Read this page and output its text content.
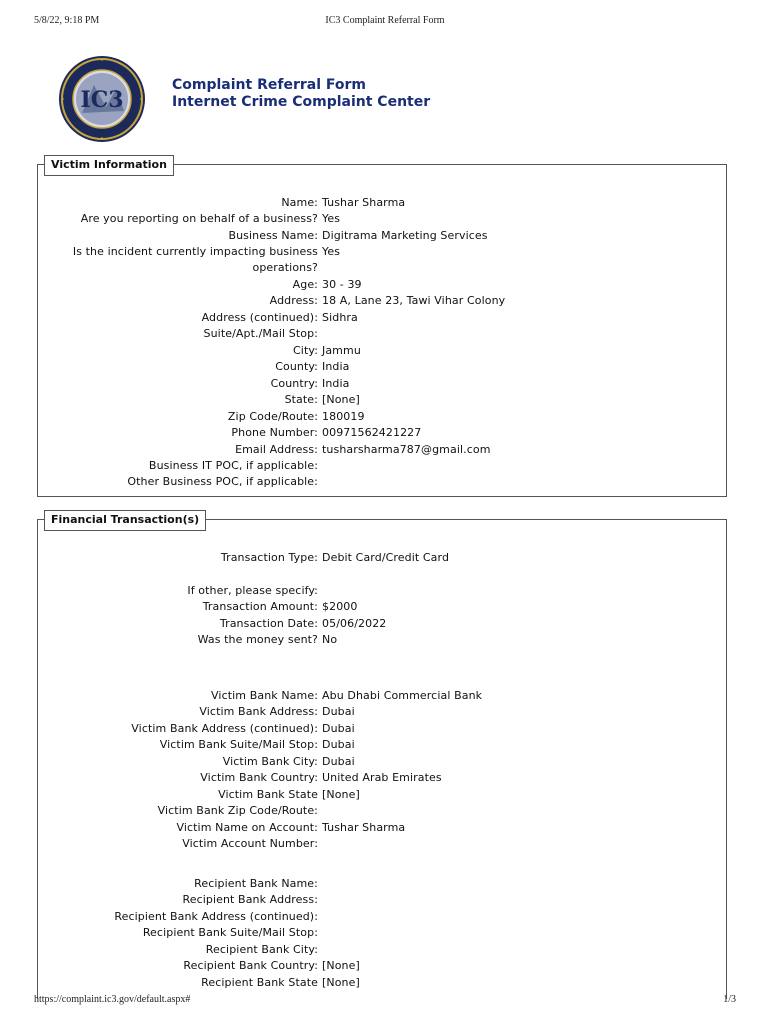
5/8/22, 9:18 PM	IC3 Complaint Referral Form
IC3
Complaint Referral Form
Internet Crime Complaint Center
Victim Information
Name: Tushar Sharma
Are you reporting on behalf of a business? Yes
Business Name: Digitrama Marketing Services
Is the incident currently impacting business operations?
Yes
Age: 30 - 39
Address: 18 A, Lane 23, Tawi Vihar Colony
Address (continued): Sidhra
Suite/Apt./Mail Stop:
City: Jammu
County: India
Country: India
State: [None]
Zip Code/Route: 180019
Phone Number: 00971562421227
Email Address: tusharsharma787@gmail.com
Business IT POC, if applicable:
Other Business POC, if applicable:
Financial Transaction(s)
Transaction Type: Debit Card/Credit Card
If other, please specify:
Transaction Amount: $2000
Transaction Date: 05/06/2022
Was the money sent? No
Victim Bank Name: Abu Dhabi Commercial Bank
Victim Bank Address: Dubai
Victim Bank Address (continued): Dubai
Victim Bank Suite/Mail Stop: Dubai
Victim Bank City: Dubai
Victim Bank Country: United Arab Emirates
Victim Bank State [None]
Victim Bank Zip Code/Route:
Victim Name on Account: Tushar Sharma
Victim Account Number:
Recipient Bank Name:
Recipient Bank Address:
Recipient Bank Address (continued):
Recipient Bank Suite/Mail Stop:
Recipient Bank City:
Recipient Bank Country: [None]
Recipient Bank State [None]
https://complaint.ic3.gov/default.aspx#	1/3
